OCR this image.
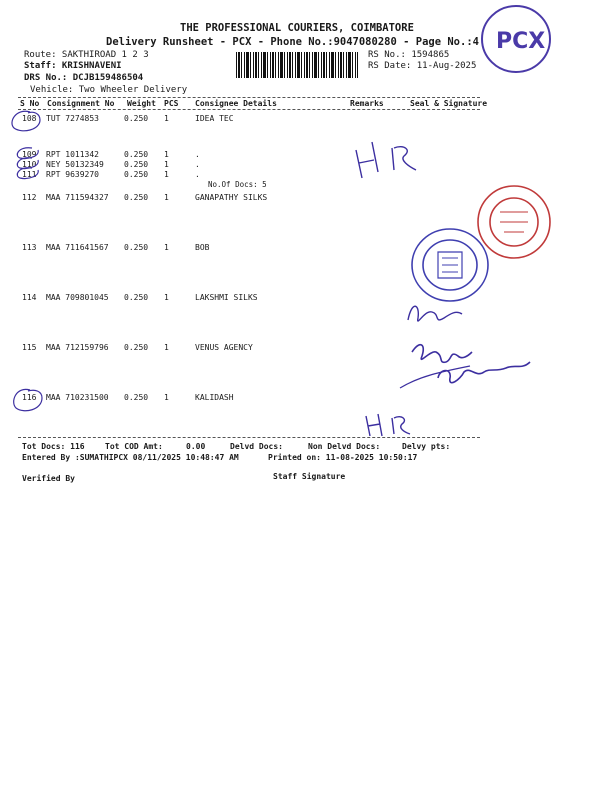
THE PROFESSIONAL COURIERS, COIMBATORE
Delivery Runsheet - PCX - Phone No.:9047080280 - Page No.:4
Route: SAKTHIROAD 1 2 3
Staff: KRISHNAVENI
DRS No.: DCJB159486504
Vehicle: Two Wheeler Delivery
RS No.: 1594865
RS Date: 11-Aug-2025
PCX
S No Consignment No Weight PCS Consignee Details	Remarks	Seal & Signature
108 TUT 7274853	0.250 1	IDEA TEC
109 RPT 1011342	0.250 1	.
110 NEY 50132349	0.250 1	.
111 RPT 9639270	0.250 1	.
No.Of Docs: 5
112 MAA 711594327 0.250 1	GANAPATHY SILKS
113 MAA 711641567 0.250 1	BOB
114 MAA 709801045 0.250 1	LAKSHMI SILKS
115 MAA 712159796 0.250 1	VENUS AGENCY
116 MAA 710231500 0.250 1	KALIDASH
Tot Docs: 116	Tot COD Amt:	0.00	Delvd Docs:	Non Delvd Docs:	Delvy pts:
Entered By :SUMATHIPCX 08/11/2025 10:48:47 AM	Printed on: 11-08-2025 10:50:17
Verified By	Staff Signature
